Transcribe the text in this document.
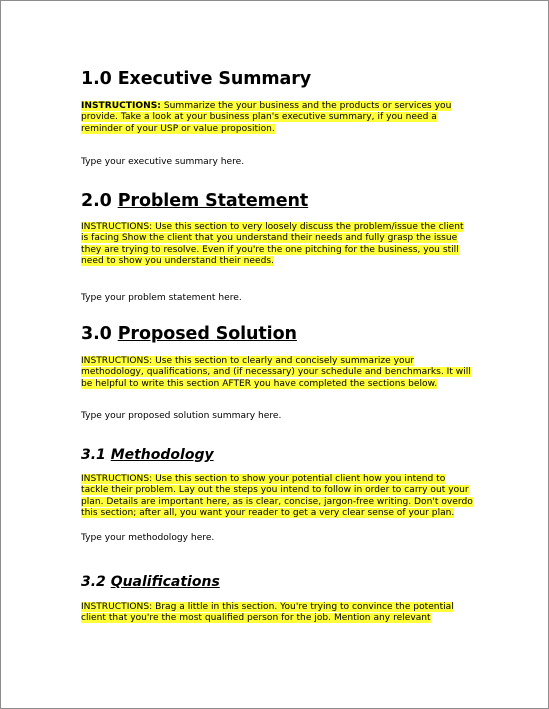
1.0 Executive Summary

INSTRUCTIONS: Summarize the your business and the products or services you provide. Take a look at your business plan's executive summary, if you need a reminder of your USP or value proposition.

Type your executive summary here.

2.0 Problem Statement

INSTRUCTIONS: Use this section to very loosely discuss the problem/issue the client is facing Show the client that you understand their needs and fully grasp the issue they are trying to resolve. Even if you're the one pitching for the business, you still need to show you understand their needs.

Type your problem statement here.

3.0 Proposed Solution

INSTRUCTIONS: Use this section to clearly and concisely summarize your methodology, qualifications, and (if necessary) your schedule and benchmarks. It will be helpful to write this section AFTER you have completed the sections below.

Type your proposed solution summary here.

3.1 Methodology

INSTRUCTIONS: Use this section to show your potential client how you intend to tackle their problem. Lay out the steps you intend to follow in order to carry out your plan. Details are important here, as is clear, concise, jargon-free writing. Don't overdo this section; after all, you want your reader to get a very clear sense of your plan.

Type your methodology here.

3.2 Qualifications

INSTRUCTIONS: Brag a little in this section. You're trying to convince the potential client that you're the most qualified person for the job. Mention any relevant
